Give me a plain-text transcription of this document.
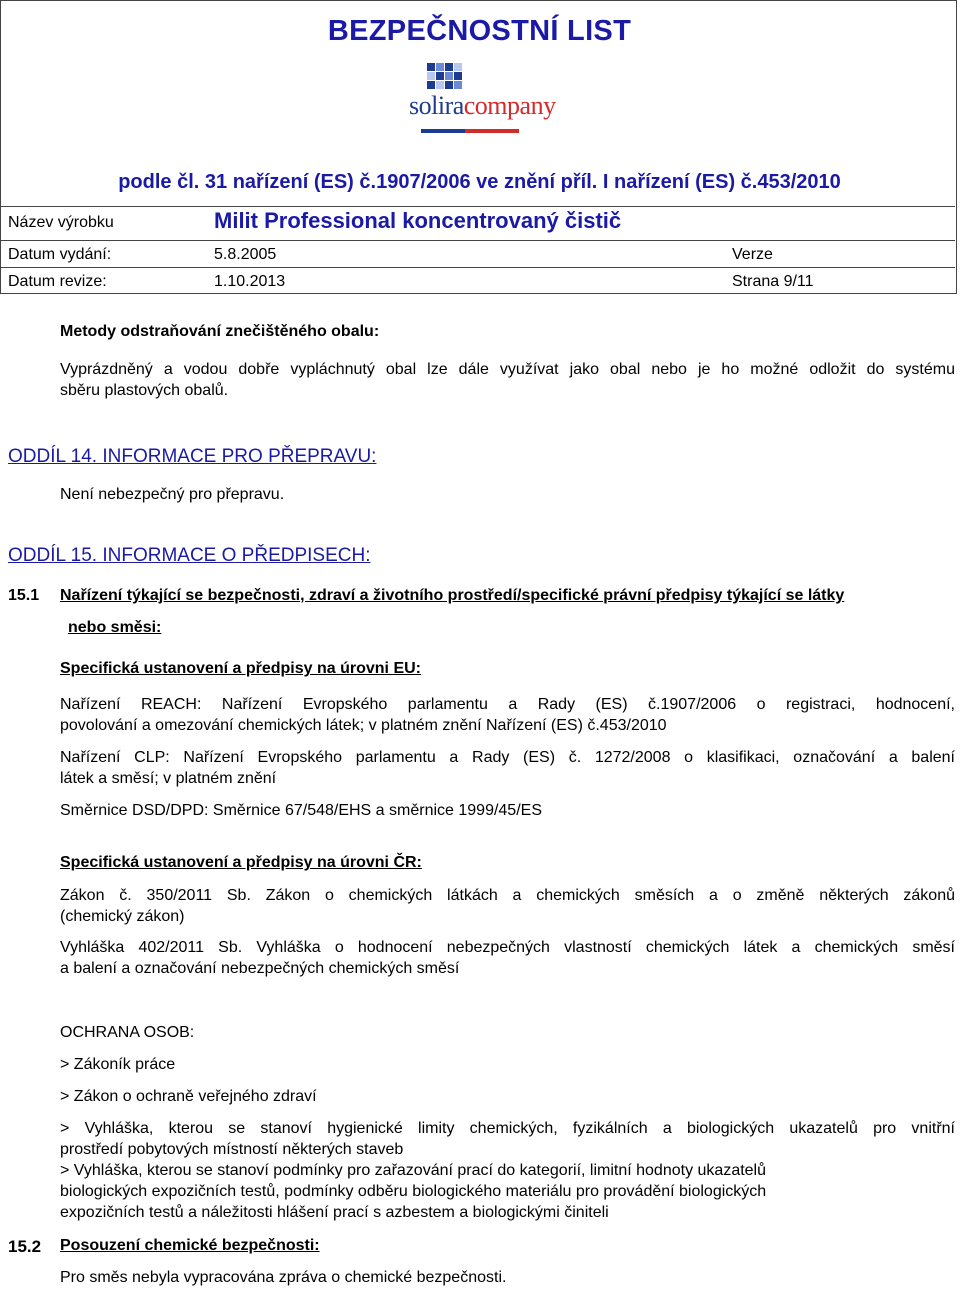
BEZPEČNOSTNÍ LIST
soliracompany
podle čl. 31 nařízení (ES) č.1907/2006 ve znění příl. I nařízení (ES) č.453/2010
Název výrobku	Milit Professional koncentrovaný čistič
Datum vydání:	5.8.2005	Verze
Datum revize:	1.10.2013	Strana 9/11
Metody odstraňování znečištěného obalu:
Vyprázdněný a vodou dobře vypláchnutý obal lze dále využívat jako obal nebo je ho možné odložit do systému
sběru plastových obalů.
ODDÍL 14. INFORMACE PRO PŘEPRAVU:
Není nebezpečný pro přepravu.
ODDÍL 15. INFORMACE O PŘEDPISECH:
15.1 Nařízení týkající se bezpečnosti, zdraví a životního prostředí/specifické právní předpisy týkající se látky
nebo směsi:
Specifická ustanovení a předpisy na úrovni EU:
Nařízení REACH: Nařízení Evropského parlamentu a Rady (ES) č.1907/2006 o registraci, hodnocení,
povolování a omezování chemických látek; v platném znění Nařízení (ES) č.453/2010
Nařízení CLP: Nařízení Evropského parlamentu a Rady (ES) č. 1272/2008 o klasifikaci, označování a balení
látek a směsí; v platném znění
Směrnice DSD/DPD: Směrnice 67/548/EHS a směrnice 1999/45/ES
Specifická ustanovení a předpisy na úrovni ČR:
Zákon č. 350/2011 Sb. Zákon o chemických látkách a chemických směsích a o změně některých zákonů
(chemický zákon)
Vyhláška 402/2011 Sb. Vyhláška o hodnocení nebezpečných vlastností chemických látek a chemických směsí
a balení a označování nebezpečných chemických směsí
OCHRANA OSOB:
> Zákoník práce
> Zákon o ochraně veřejného zdraví
> Vyhláška, kterou se stanoví hygienické limity chemických, fyzikálních a biologických ukazatelů pro vnitřní
prostředí pobytových místností některých staveb
> Vyhláška, kterou se stanoví podmínky pro zařazování prací do kategorií, limitní hodnoty ukazatelů
biologických expozičních testů, podmínky odběru biologického materiálu pro provádění biologických
expozičních testů a náležitosti hlášení prací s azbestem a biologickými činiteli
15.2 Posouzení chemické bezpečnosti:
Pro směs nebyla vypracována zpráva o chemické bezpečnosti.
